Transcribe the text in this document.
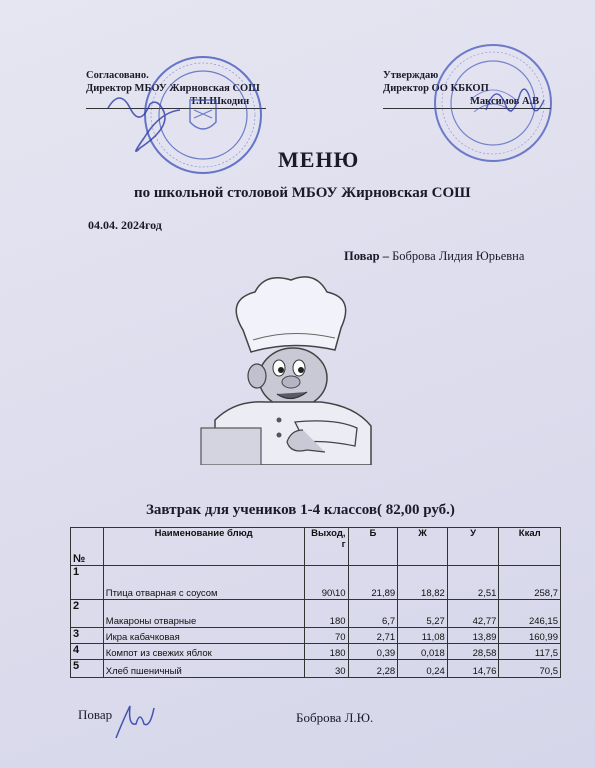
Согласовано.
Директор МБОУ Жирновская СОШ
Т.Н.Шкодин
Утверждаю
Директор ОО КБКОП
Максимов А.В
МЕНЮ
по школьной столовой МБОУ Жирновская СОШ
04.04. 2024год
Повар – Боброва Лидия Юрьевна
Завтрак для учеников 1-4 классов( 82,00 руб.)
№	Наименование блюд	Выход, г	Б	Ж	У	Ккал
1	Птица отварная с соусом	90\10	21,89	18,82	2,51	258,7
2	Макароны отварные	180	6,7	5,27	42,77	246,15
3	Икра кабачковая	70	2,71	11,08	13,89	160,99
4	Компот из свежих яблок	180	0,39	0,018	28,58	117,5
5	Хлеб пшеничный	30	2,28	0,24	14,76	70,5
Повар	Боброва Л.Ю.
